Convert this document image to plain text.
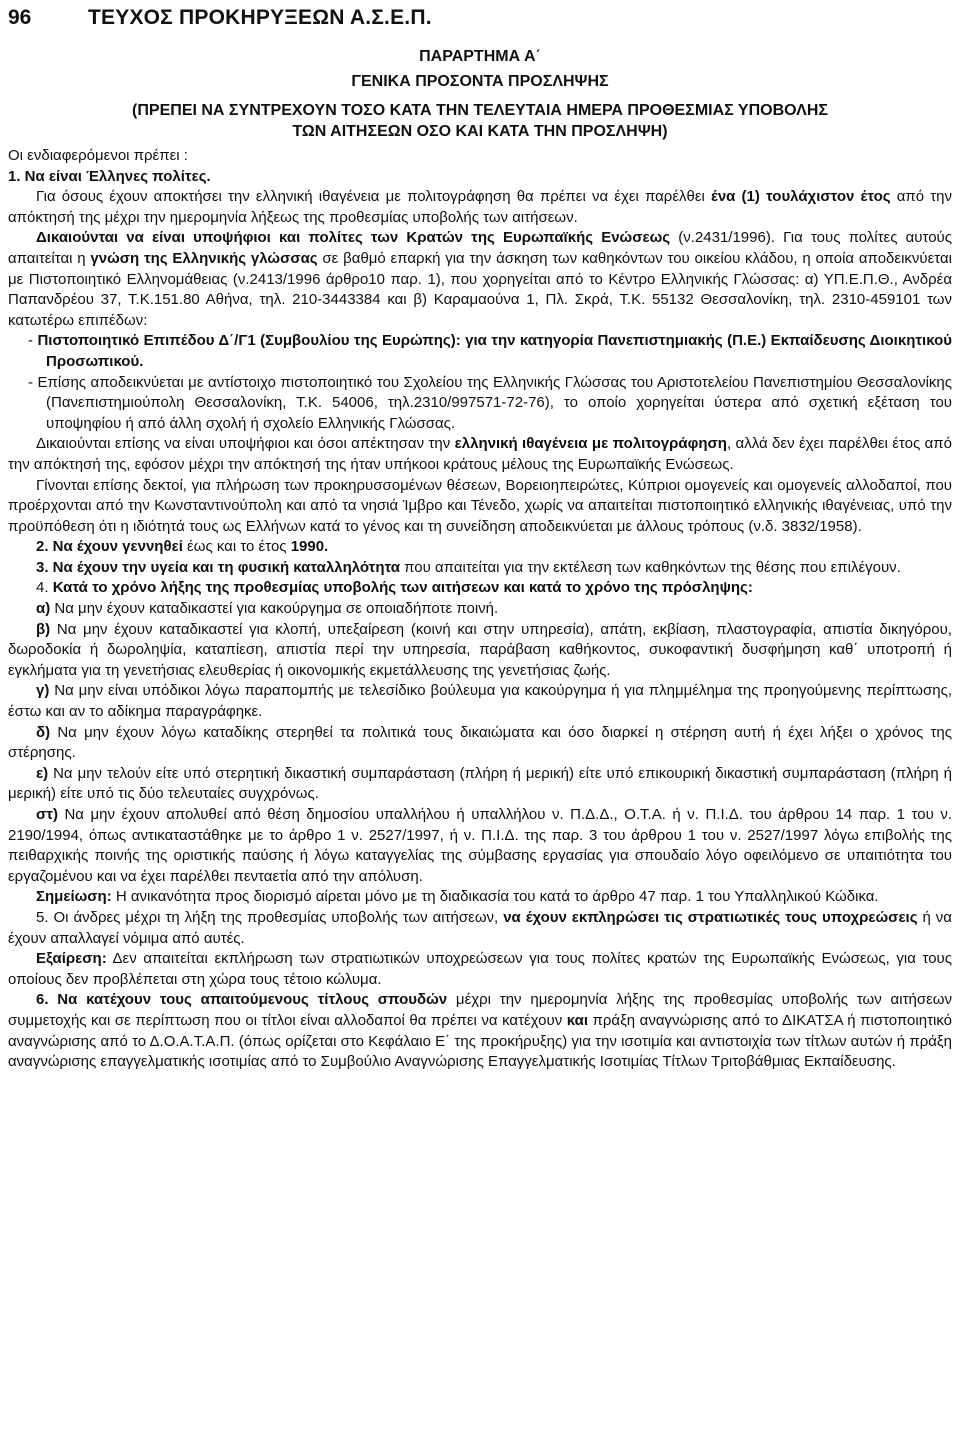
96	ΤΕΥΧΟΣ ΠΡΟΚΗΡΥΞΕΩΝ Α.Σ.Ε.Π.
ΠΑΡΑΡΤΗΜΑ Α΄
ΓΕΝΙΚΑ ΠΡΟΣΟΝΤΑ ΠΡΟΣΛΗΨΗΣ
(ΠΡΕΠΕΙ ΝΑ ΣΥΝΤΡΕΧΟΥΝ ΤΟΣΟ ΚΑΤΑ ΤΗΝ ΤΕΛΕΥΤΑΙΑ ΗΜΕΡΑ ΠΡΟΘΕΣΜΙΑΣ ΥΠΟΒΟΛΗΣ
ΤΩΝ ΑΙΤΗΣΕΩΝ ΟΣΟ ΚΑΙ ΚΑΤΑ ΤΗΝ ΠΡΟΣΛΗΨΗ)

Οι ενδιαφερόμενοι πρέπει :

1. Να είναι Έλληνες πολίτες.

Για όσους έχουν αποκτήσει την ελληνική ιθαγένεια με πολιτογράφηση θα πρέπει να έχει παρέλθει ένα (1) τουλάχιστον έτος από την απόκτησή της μέχρι την ημερομηνία λήξεως της προθεσμίας υποβολής των αιτήσεων.

Δικαιούνται να είναι υποψήφιοι και πολίτες των Κρατών της Ευρωπαϊκής Ενώσεως (ν.2431/1996). Για τους πολίτες αυτούς απαιτείται η γνώση της Ελληνικής γλώσσας σε βαθμό επαρκή για την άσκηση των καθηκόντων του οικείου κλάδου, η οποία αποδεικνύεται με Πιστοποιητικό Ελληνομάθειας (ν.2413/1996 άρθρο10 παρ. 1), που χορηγείται από το Κέντρο Ελληνικής Γλώσσας: α) ΥΠ.Ε.Π.Θ., Ανδρέα Παπανδρέου 37, Τ.Κ.151.80 Αθήνα, τηλ. 210-3443384 και β) Καραμαούνα 1, Πλ. Σκρά, Τ.Κ. 55132 Θεσσαλονίκη, τηλ. 2310-459101 των κατωτέρω επιπέδων:

- Πιστοποιητικό Επιπέδου Δ΄/Γ1 (Συμβουλίου της Ευρώπης): για την κατηγορία Πανεπιστημιακής (Π.Ε.) Εκπαίδευσης Διοικητικού Προσωπικού.

- Επίσης αποδεικνύεται με αντίστοιχο πιστοποιητικό του Σχολείου της Ελληνικής Γλώσσας του Αριστοτελείου Πανεπιστημίου Θεσσαλονίκης (Πανεπιστημιούπολη Θεσσαλονίκη, Τ.Κ. 54006, τηλ.2310/997571-72-76), το οποίο χορηγείται ύστερα από σχετική εξέταση του υποψηφίου ή από άλλη σχολή ή σχολείο Ελληνικής Γλώσσας.

Δικαιούνται επίσης να είναι υποψήφιοι και όσοι απέκτησαν την ελληνική ιθαγένεια με πολιτογράφηση, αλλά δεν έχει παρέλθει έτος από την απόκτησή της, εφόσον μέχρι την απόκτησή της ήταν υπήκοοι κράτους μέλους της Ευρωπαϊκής Ενώσεως.

Γίνονται επίσης δεκτοί, για πλήρωση των προκηρυσσομένων θέσεων, Βορειοηπειρώτες, Κύπριοι ομογενείς και ομογενείς αλλοδαποί, που προέρχονται από την Κωνσταντινούπολη και από τα νησιά Ίμβρο και Τένεδο, χωρίς να απαιτείται πιστοποιητικό ελληνικής ιθαγένειας, υπό την προϋπόθεση ότι η ιδιότητά τους ως Ελλήνων κατά το γένος και τη συνείδηση αποδεικνύεται με άλλους τρόπους (ν.δ. 3832/1958).

2. Να έχουν γεννηθεί έως και το έτος 1990.

3. Να έχουν την υγεία και τη φυσική καταλληλότητα που απαιτείται για την εκτέλεση των καθηκόντων της θέσης που επιλέγουν.

4. Κατά το χρόνο λήξης της προθεσμίας υποβολής των αιτήσεων και κατά το χρόνο της πρόσληψης:

α) Να μην έχουν καταδικαστεί για κακούργημα σε οποιαδήποτε ποινή.

β) Να μην έχουν καταδικαστεί για κλοπή, υπεξαίρεση (κοινή και στην υπηρεσία), απάτη, εκβίαση, πλαστογραφία, απιστία δικηγόρου, δωροδοκία ή δωροληψία, καταπίεση, απιστία περί την υπηρεσία, παράβαση καθήκοντος, συκοφαντική δυσφήμηση καθ΄ υποτροπή ή εγκλήματα για τη γενετήσιας ελευθερίας ή οικονομικής εκμετάλλευσης της γενετήσιας ζωής.

γ) Να μην είναι υπόδικοι λόγω παραπομπής με τελεσίδικο βούλευμα για κακούργημα ή για πλημμέλημα της προηγούμενης περίπτωσης, έστω και αν το αδίκημα παραγράφηκε.

δ) Να μην έχουν λόγω καταδίκης στερηθεί τα πολιτικά τους δικαιώματα και όσο διαρκεί η στέρηση αυτή ή έχει λήξει ο χρόνος της στέρησης.

ε) Να μην τελούν είτε υπό στερητική δικαστική συμπαράσταση (πλήρη ή μερική) είτε υπό επικουρική δικαστική συμπαράσταση (πλήρη ή μερική) είτε υπό τις δύο τελευταίες συγχρόνως.

στ) Να μην έχουν απολυθεί από θέση δημοσίου υπαλλήλου ή υπαλλήλου ν. Π.Δ.Δ., Ο.Τ.Α. ή ν. Π.Ι.Δ. του άρθρου 14 παρ. 1 του ν. 2190/1994, όπως αντικαταστάθηκε με το άρθρο 1 ν. 2527/1997, ή ν. Π.Ι.Δ. της παρ. 3 του άρθρου 1 του ν. 2527/1997 λόγω επιβολής της πειθαρχικής ποινής της οριστικής παύσης ή λόγω καταγγελίας της σύμβασης εργασίας για σπουδαίο λόγο οφειλόμενο σε υπαιτιότητα του εργαζομένου και να έχει παρέλθει πενταετία από την απόλυση.

Σημείωση: Η ανικανότητα προς διορισμό αίρεται μόνο με τη διαδικασία του κατά το άρθρο 47 παρ. 1 του Υπαλληλικού Κώδικα.

5. Οι άνδρες μέχρι τη λήξη της προθεσμίας υποβολής των αιτήσεων, να έχουν εκπληρώσει τις στρατιωτικές τους υποχρεώσεις ή να έχουν απαλλαγεί νόμιμα από αυτές.

Εξαίρεση: Δεν απαιτείται εκπλήρωση των στρατιωτικών υποχρεώσεων για τους πολίτες κρατών της Ευρωπαϊκής Ενώσεως, για τους οποίους δεν προβλέπεται στη χώρα τους τέτοιο κώλυμα.

6. Να κατέχουν τους απαιτούμενους τίτλους σπουδών μέχρι την ημερομηνία λήξης της προθεσμίας υποβολής των αιτήσεων συμμετοχής και σε περίπτωση που οι τίτλοι είναι αλλοδαποί θα πρέπει να κατέχουν και πράξη αναγνώρισης από το ΔΙΚΑΤΣΑ ή πιστοποιητικό αναγνώρισης από το Δ.Ο.Α.Τ.Α.Π. (όπως ορίζεται στο Κεφάλαιο Ε΄ της προκήρυξης) για την ισοτιμία και αντιστοιχία των τίτλων αυτών ή πράξη αναγνώρισης επαγγελματικής ισοτιμίας από το Συμβούλιο Αναγνώρισης Επαγγελματικής Ισοτιμίας Τίτλων Τριτοβάθμιας Εκπαίδευσης.
